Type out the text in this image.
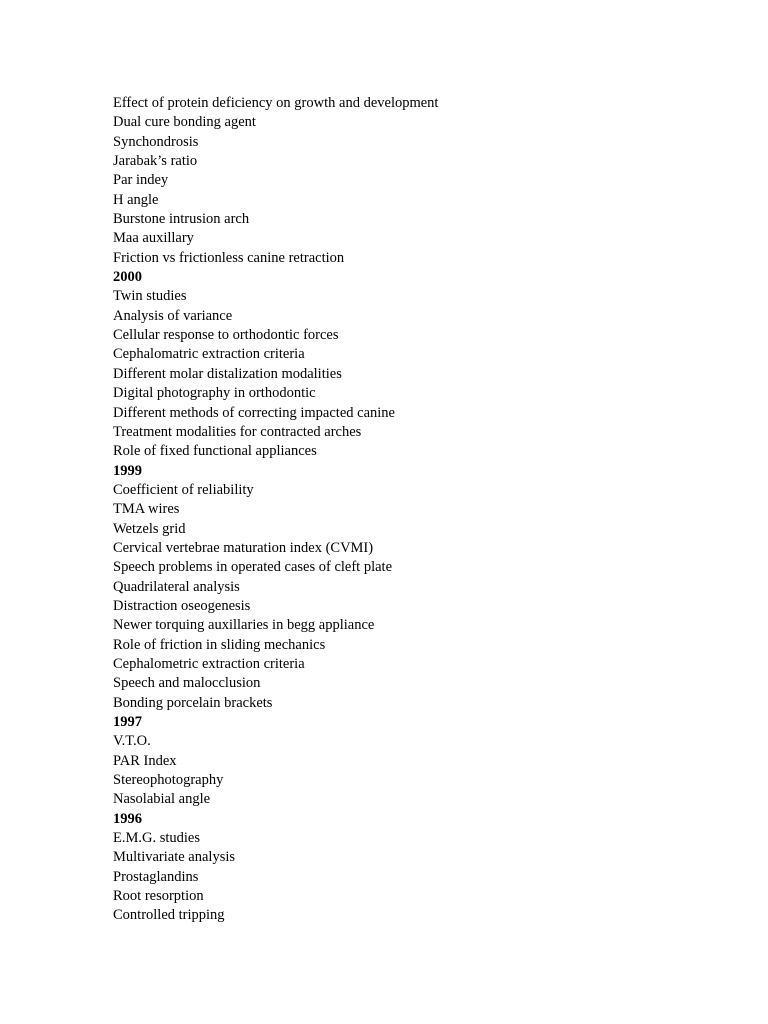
Effect of protein deficiency on growth and development
Dual cure bonding agent
Synchondrosis
Jarabak’s ratio
Par indey
H angle
Burstone intrusion arch
Maa auxillary
Friction vs frictionless canine retraction
2000
Twin studies
Analysis of variance
Cellular response to orthodontic forces
Cephalomatric extraction criteria
Different molar distalization modalities
Digital photography in orthodontic
Different methods of correcting impacted canine
Treatment modalities for contracted arches
Role of fixed functional appliances
1999
Coefficient of reliability
TMA wires
Wetzels grid
Cervical vertebrae maturation index (CVMI)
Speech problems in operated cases of cleft plate
Quadrilateral analysis
Distraction oseogenesis
Newer torquing auxillaries in begg appliance
Role of friction in sliding mechanics
Cephalometric extraction criteria
Speech and malocclusion
Bonding porcelain brackets
1997
V.T.O.
PAR Index
Stereophotography
Nasolabial angle
1996
E.M.G. studies
Multivariate analysis
Prostaglandins
Root resorption
Controlled tripping
